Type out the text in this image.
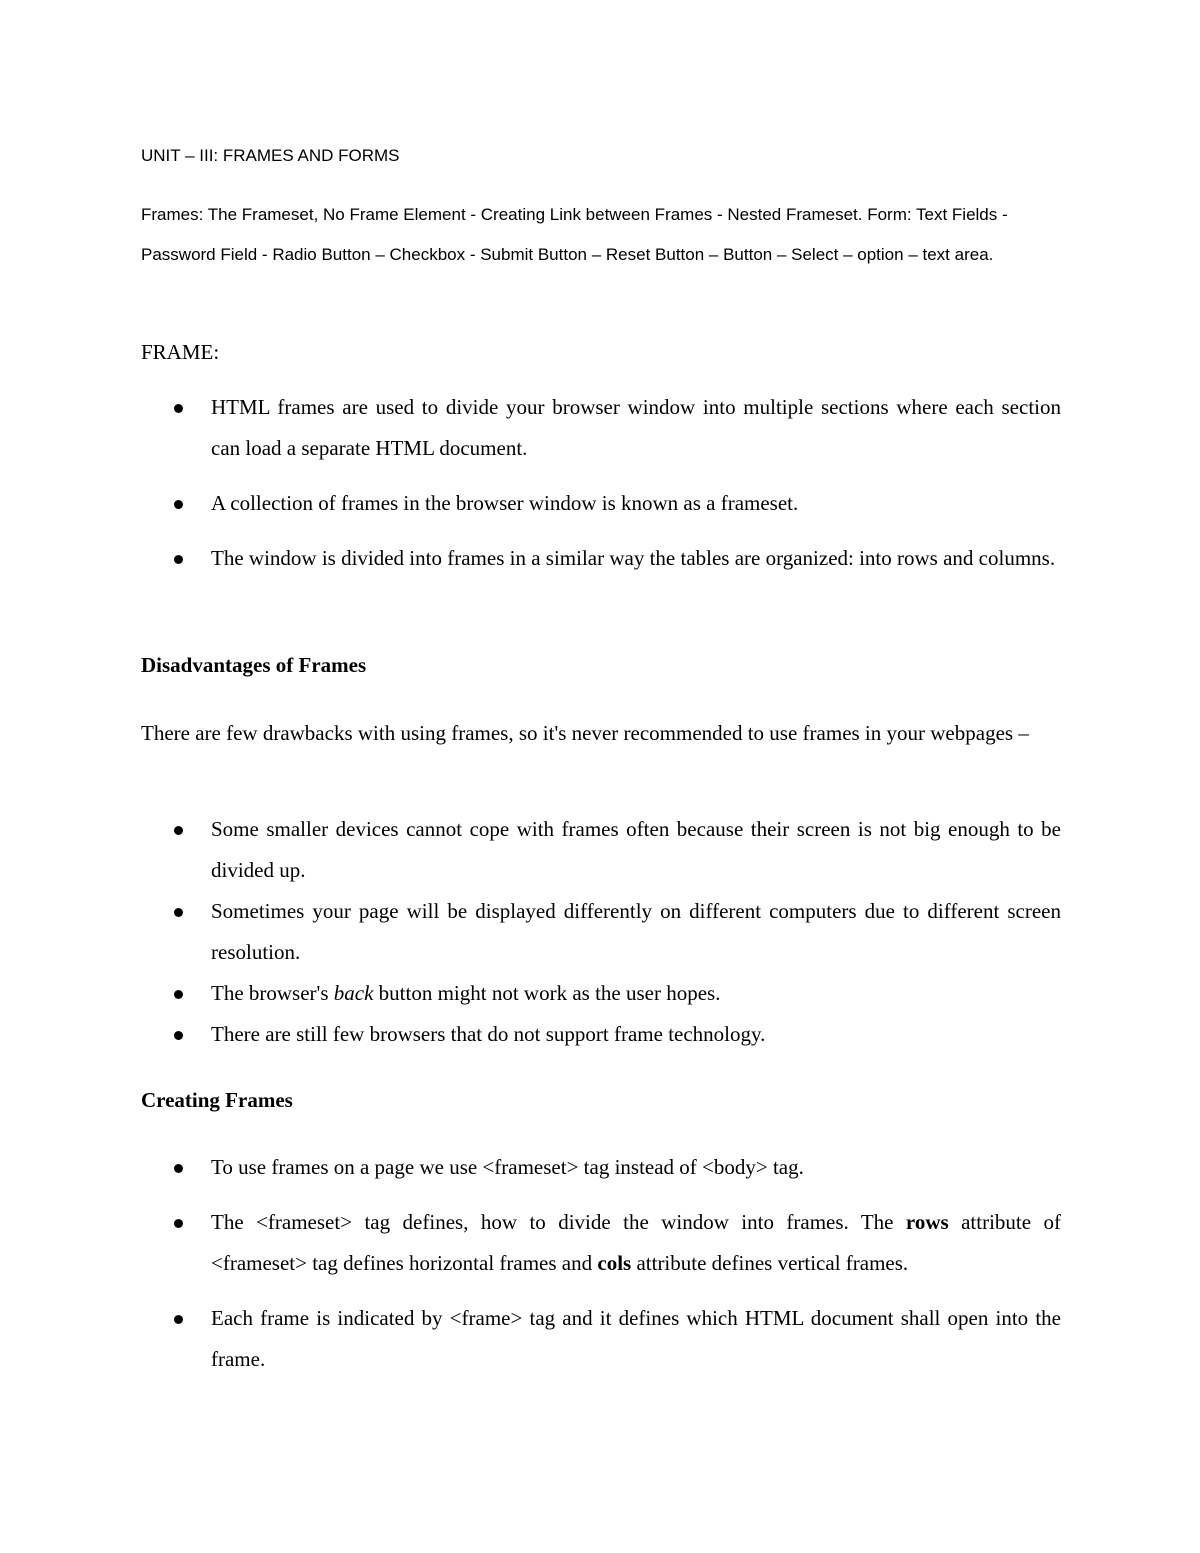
UNIT – III: FRAMES AND FORMS

Frames: The Frameset, No Frame Element - Creating Link between Frames - Nested Frameset. Form: Text Fields - Password Field - Radio Button – Checkbox - Submit Button – Reset Button – Button – Select – option – text area.

FRAME:
HTML frames are used to divide your browser window into multiple sections where each section can load a separate HTML document.
A collection of frames in the browser window is known as a frameset.
The window is divided into frames in a similar way the tables are organized: into rows and columns.
Disadvantages of Frames

There are few drawbacks with using frames, so it's never recommended to use frames in your webpages –

Some smaller devices cannot cope with frames often because their screen is not big enough to be divided up.
Sometimes your page will be displayed differently on different computers due to different screen resolution.
The browser's back button might not work as the user hopes.
There are still few browsers that do not support frame technology.
Creating Frames
To use frames on a page we use <frameset> tag instead of <body> tag.
The <frameset> tag defines, how to divide the window into frames. The rows attribute of <frameset> tag defines horizontal frames and cols attribute defines vertical frames.
Each frame is indicated by <frame> tag and it defines which HTML document shall open into the frame.
